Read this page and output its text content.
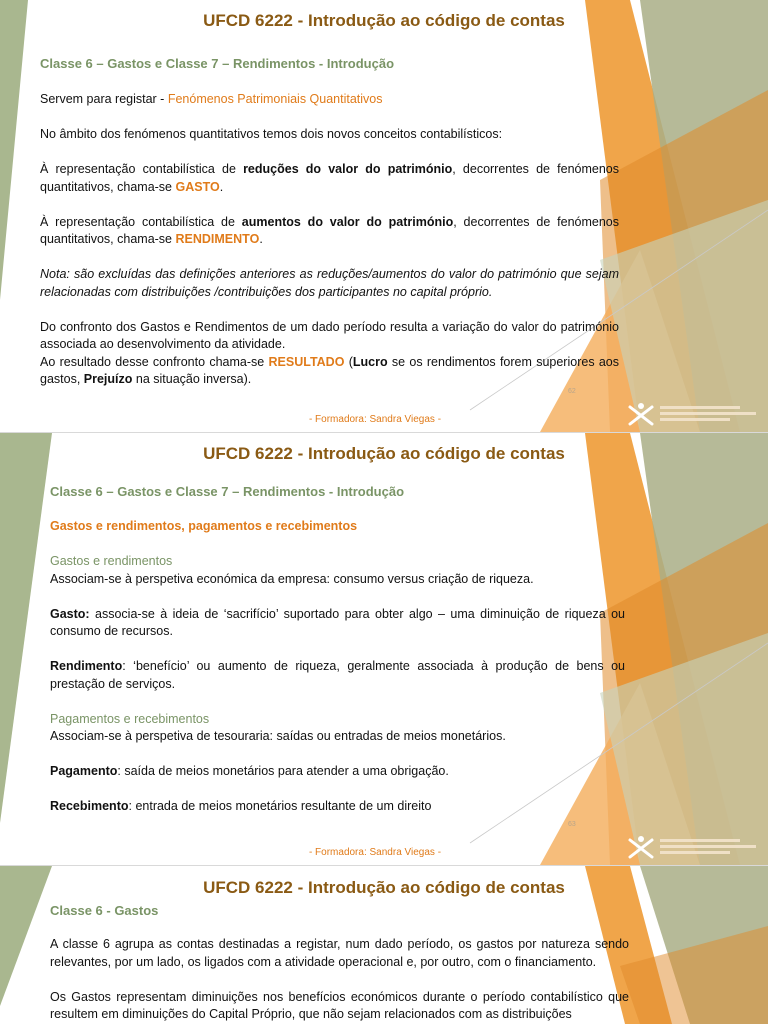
UFCD 6222 - Introdução ao código de contas
Classe 6 – Gastos e Classe 7 – Rendimentos - Introdução

Servem para registar - Fenómenos Patrimoniais Quantitativos

No âmbito dos fenómenos quantitativos temos dois novos conceitos contabilísticos:

À representação contabilística de reduções do valor do património, decorrentes de fenómenos quantitativos, chama-se GASTO.

À representação contabilística de aumentos do valor do património, decorrentes de fenómenos quantitativos, chama-se RENDIMENTO.

Nota: são excluídas das definições anteriores as reduções/aumentos do valor do património que sejam relacionadas com distribuições /contribuições dos participantes no capital próprio.

Do confronto dos Gastos e Rendimentos de um dado período resulta a variação do valor do património associada ao desenvolvimento da atividade.

Ao resultado desse confronto chama-se RESULTADO (Lucro se os rendimentos forem superiores aos gastos, Prejuízo na situação inversa).

62
- Formadora: Sandra Viegas -
UFCD 6222 - Introdução ao código de contas
Classe 6 – Gastos e Classe 7 – Rendimentos - Introdução

Gastos e rendimentos, pagamentos e recebimentos

Gastos e rendimentos

Associam-se à perspetiva económica da empresa: consumo versus criação de riqueza.

Gasto: associa-se à ideia de ‘sacrifício’ suportado para obter algo – uma diminuição de riqueza ou consumo de recursos.

Rendimento: ‘benefício’ ou aumento de riqueza, geralmente associada à produção de bens ou prestação de serviços.

Pagamentos e recebimentos

Associam-se à perspetiva de tesouraria: saídas ou entradas de meios monetários.

Pagamento: saída de meios monetários para atender a uma obrigação.

Recebimento: entrada de meios monetários resultante de um direito

63
- Formadora: Sandra Viegas -
UFCD 6222 - Introdução ao código de contas
Classe 6 - Gastos

A classe 6 agrupa as contas destinadas a registar, num dado período, os gastos por natureza sendo relevantes, por um lado, os ligados com a atividade operacional e, por outro, com o financiamento.

Os Gastos representam diminuições nos benefícios económicos durante o período contabilístico que resultem em diminuições do Capital Próprio, que não sejam relacionados com as distribuições
